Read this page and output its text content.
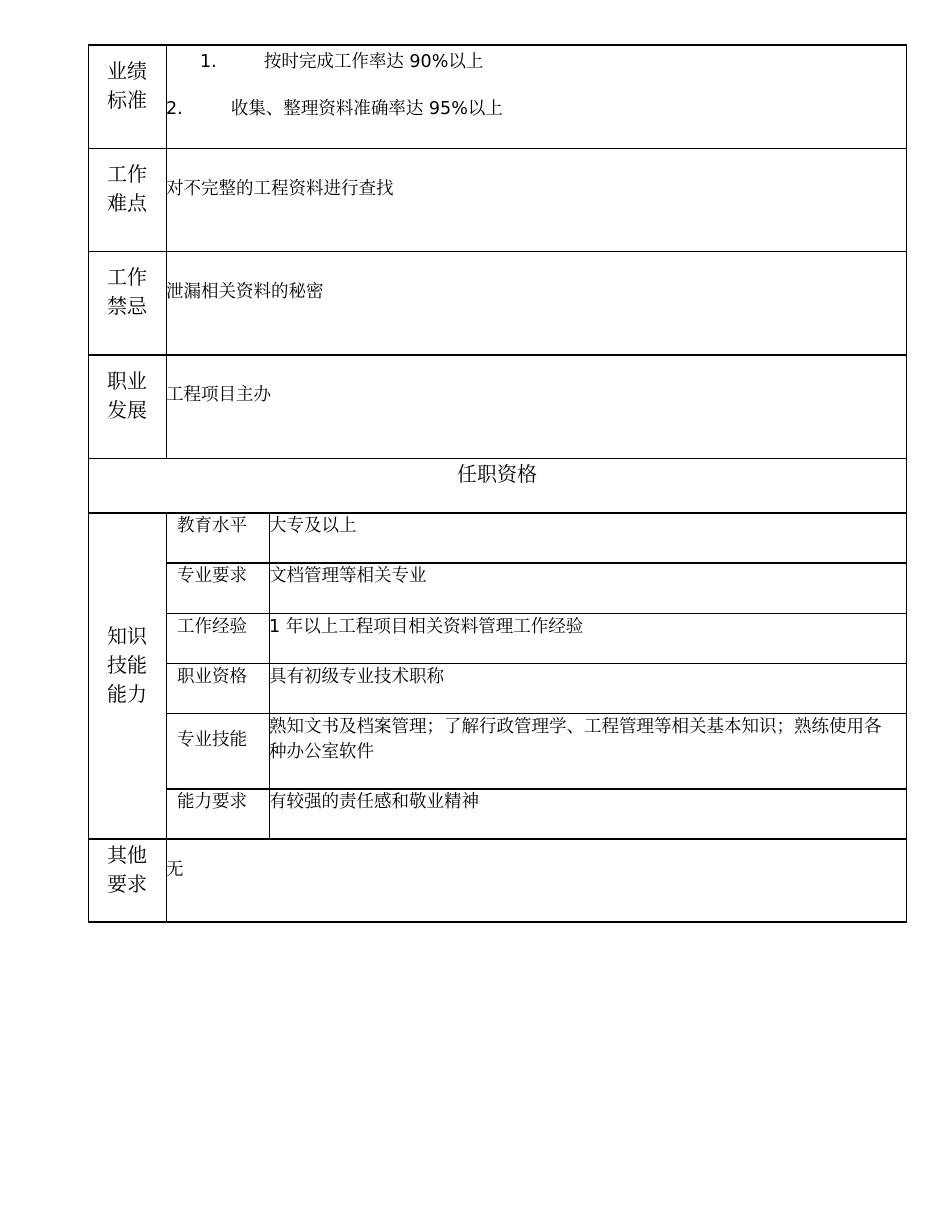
业绩
标准
1.	按时完成工作率达 90%以上
2.	收集、整理资料准确率达 95%以上
工作
难点
对不完整的工程资料进行查找
工作
禁忌
泄漏相关资料的秘密
职业
发展
工程项目主办
任职资格
知识
技能
能力
教育水平 大专及以上
专业要求 文档管理等相关专业
工作经验 1 年以上工程项目相关资料管理工作经验
职业资格 具有初级专业技术职称
专业技能
熟知文书及档案管理；了解行政管理学、工程管理等相关基本知识；熟练使用各种办公室软件
能力要求 有较强的责任感和敬业精神
其他
要求
无
